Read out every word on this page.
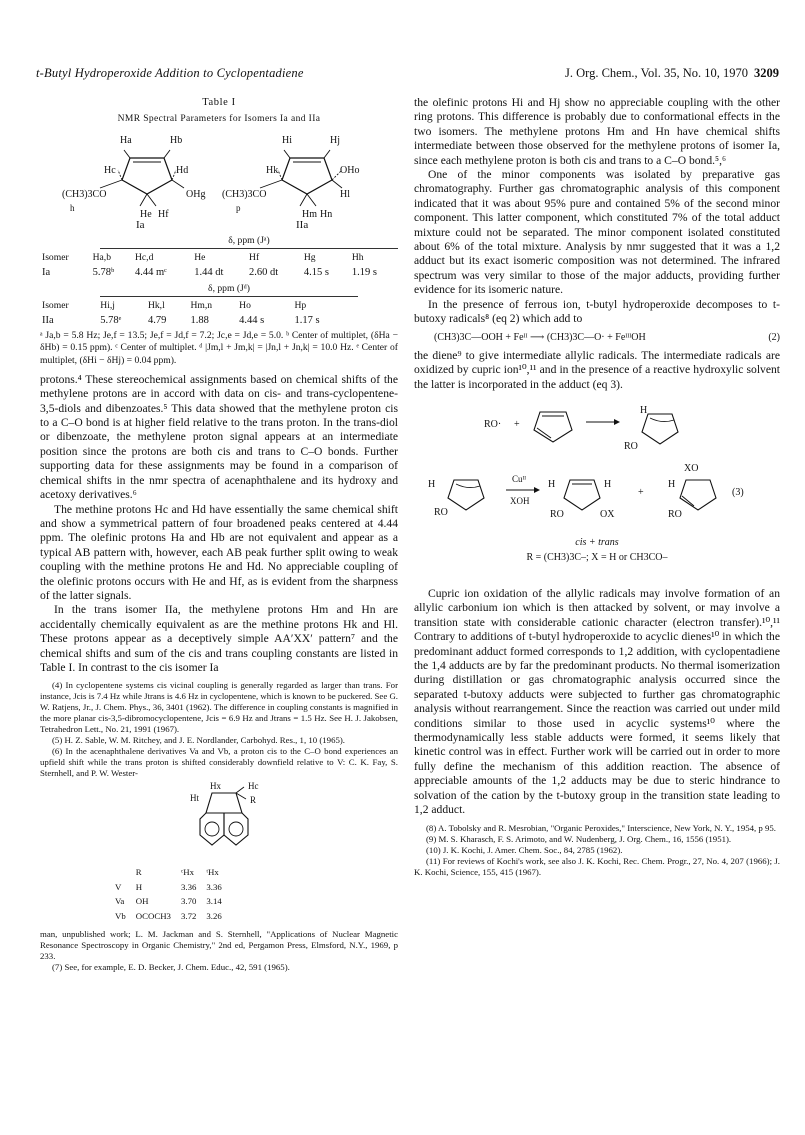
t-Butyl Hydroperoxide Addition to Cyclopentadiene	J. Org. Chem., Vol. 35, No. 10, 1970 3209
Table I
NMR Spectral Parameters for Isomers Ia and IIa
Ha	Hb
Hc	Hd
He Hf
(CH3)3CO	OHg
h
Ia
Hi	Hj
Hk	OHo
Hl
Hm Hn
(CH3)3CO
p
IIa
δ, ppm (Jᵃ)
Isomer	Ha,b	Hc,d	He	Hf	Hg	Hh
Ia	5.78ᵇ	4.44 mᶜ	1.44 dt	2.60 dt	4.15 s	1.19 s
δ, ppm (Jᵈ)
Isomer	Hi,j	Hk,l	Hm,n	Ho	Hp
IIa	5.78ᵉ	4.79	1.88	4.44 s	1.17 s
ᵃ Ja,b = 5.8 Hz; Je,f = 13.5; Je,f = Jd,f = 7.2; Jc,e = Jd,e = 5.0. ᵇ Center of multiplet, (δHa − δHb) = 0.15 ppm). ᶜ Center of multiplet. ᵈ |Jm,l + Jm,k| = |Jn,l + Jn,k| = 10.0 Hz. ᵉ Center of multiplet, (δHi − δHj) = 0.04 ppm).

protons.⁴ These stereochemical assignments based on chemical shifts of the methylene protons are in accord with data on cis- and trans-cyclopentene-3,5-diols and dibenzoates.⁵ This data showed that the methylene proton cis to a C–O bond is at higher field relative to the trans proton. In the trans-diol or dibenzoate, the methylene proton signal appears at an intermediate position since the protons are both cis and trans to C–O bonds. Further supporting data for these assignments may be found in a comparison of chemical shifts in the nmr spectra of acenaphthalene and its hydroxy and acetoxy derivatives.⁶

The methine protons Hc and Hd have essentially the same chemical shift and show a symmetrical pattern of four broadened peaks centered at 4.44 ppm. The olefinic protons Ha and Hb are not equivalent and appear as a typical AB pattern with, however, each AB peak further split owing to weak coupling with the methine protons He and Hd. No appreciable coupling of the olefinic protons occurs with He and Hf, as is evident from the sharpness of the latter signals.

In the trans isomer IIa, the methylene protons Hm and Hn are accidentally chemically equivalent as are the methine protons Hk and Hl. These protons appear as a deceptively simple AA′XX′ pattern⁷ and the chemical shifts and sum of the cis and trans coupling constants are listed in Table I. In contrast to the cis isomer Ia

(4) In cyclopentene systems cis vicinal coupling is generally regarded as larger than trans. For instance, Jcis is 7.4 Hz while Jtrans is 4.6 Hz in cyclopentene, which is known to be puckered. See G. W. Ratjens, Jr., J. Chem. Phys., 36, 3401 (1962). The difference in coupling constants is magnified in the more planar cis-3,5-dibromocyclopentene, Jcis = 6.9 Hz and Jtrans = 1.5 Hz. See H. J. Jakobsen, Tetrahedron Lett., No. 21, 1991 (1967).

(5) H. Z. Sable, W. M. Ritchey, and J. E. Nordlander, Carbohyd. Res., 1, 10 (1965).

(6) In the acenaphthalene derivatives Va and Vb, a proton cis to the C–O bond experiences an upfield shift while the trans proton is shifted considerably downfield relative to V: C. K. Fay, S. Sternhell, and P. W. Wester-

Hx	Hc
Ht	R
	R	ᶜHx	ᵗHx
V	H	3.36	3.36
Va	OH	3.70	3.14
Vb	OCOCH3	3.72	3.26

man, unpublished work; L. M. Jackman and S. Sternhell, "Applications of Nuclear Magnetic Resonance Spectroscopy in Organic Chemistry," 2nd ed, Pergamon Press, Elmsford, N.Y., 1969, p 233.

(7) See, for example, E. D. Becker, J. Chem. Educ., 42, 591 (1965).

the olefinic protons Hi and Hj show no appreciable coupling with the other ring protons. This difference is probably due to conformational effects in the two isomers. The methylene protons Hm and Hn have chemical shifts intermediate between those observed for the methylene protons of isomer Ia, since each methylene proton is both cis and trans to a C–O bond.⁵,⁶

One of the minor components was isolated by preparative gas chromatography. Further gas chromatographic analysis of this component indicated that it was about 95% pure and contained 5% of the second minor component. This latter component, which constituted 7% of the total adduct mixture could not be separated. The minor component isolated constituted about 6% of the total mixture. Analysis by nmr suggested that it was a 1,2 adduct but its exact isomeric composition was not determined. The infrared spectrum was very similar to those of the major adducts, providing further evidence for its isomeric nature.

In the presence of ferrous ion, t-butyl hydroperoxide decomposes to t-butoxy radicals⁸ (eq 2) which add to

(CH3)3C—OOH + Feᴵᴵ ⟶ (CH3)3C—O· + FeᴵᴵᴵOH	(2)

the diene⁹ to give intermediate allylic radicals. The intermediate radicals are oxidized by cupric ion¹⁰,¹¹ and in the presence of a reactive hydroxylic solvent the latter is incorporated in the adduct (eq 3).

RO· +
H
RO
H
RO
Cuᴵᴵ
XOH
H	H
RO	OX
+
XO
H
RO
(3)
cis + trans
R = (CH3)3C–; X = H or CH3CO–

Cupric ion oxidation of the allylic radicals may involve formation of an allylic carbonium ion which is then attacked by solvent, or may involve a transition state with considerable cationic character (electron transfer).¹⁰,¹¹ Contrary to additions of t-butyl hydroperoxide to acyclic dienes¹⁰ in which the predominant adduct formed corresponds to 1,2 addition, with cyclopentadiene the 1,4 adducts are by far the predominant products. No thermal isomerization during distillation or gas chromatographic analysis occurred since the separated t-butoxy adducts were subjected to further gas chromatographic analysis without rearrangement. Since the reaction was carried out under mild conditions similar to those used in acyclic systems¹⁰ where the thermodynamically less stable adducts were formed, it seems likely that kinetic control was in effect. Further work will be carried out in order to more fully define the mechanism of this addition reaction. The absence of appreciable amounts of the 1,2 adducts may be due to steric hindrance to solvation of the cation by the t-butoxy group in the transition state leading to 1,2 adduct.

(8) A. Tobolsky and R. Mesrobian, "Organic Peroxides," Interscience, New York, N. Y., 1954, p 95.

(9) M. S. Kharasch, F. S. Arimoto, and W. Nudenberg, J. Org. Chem., 16, 1556 (1951).

(10) J. K. Kochi, J. Amer. Chem. Soc., 84, 2785 (1962).

(11) For reviews of Kochi's work, see also J. K. Kochi, Rec. Chem. Progr., 27, No. 4, 207 (1966); J. K. Kochi, Science, 155, 415 (1967).
